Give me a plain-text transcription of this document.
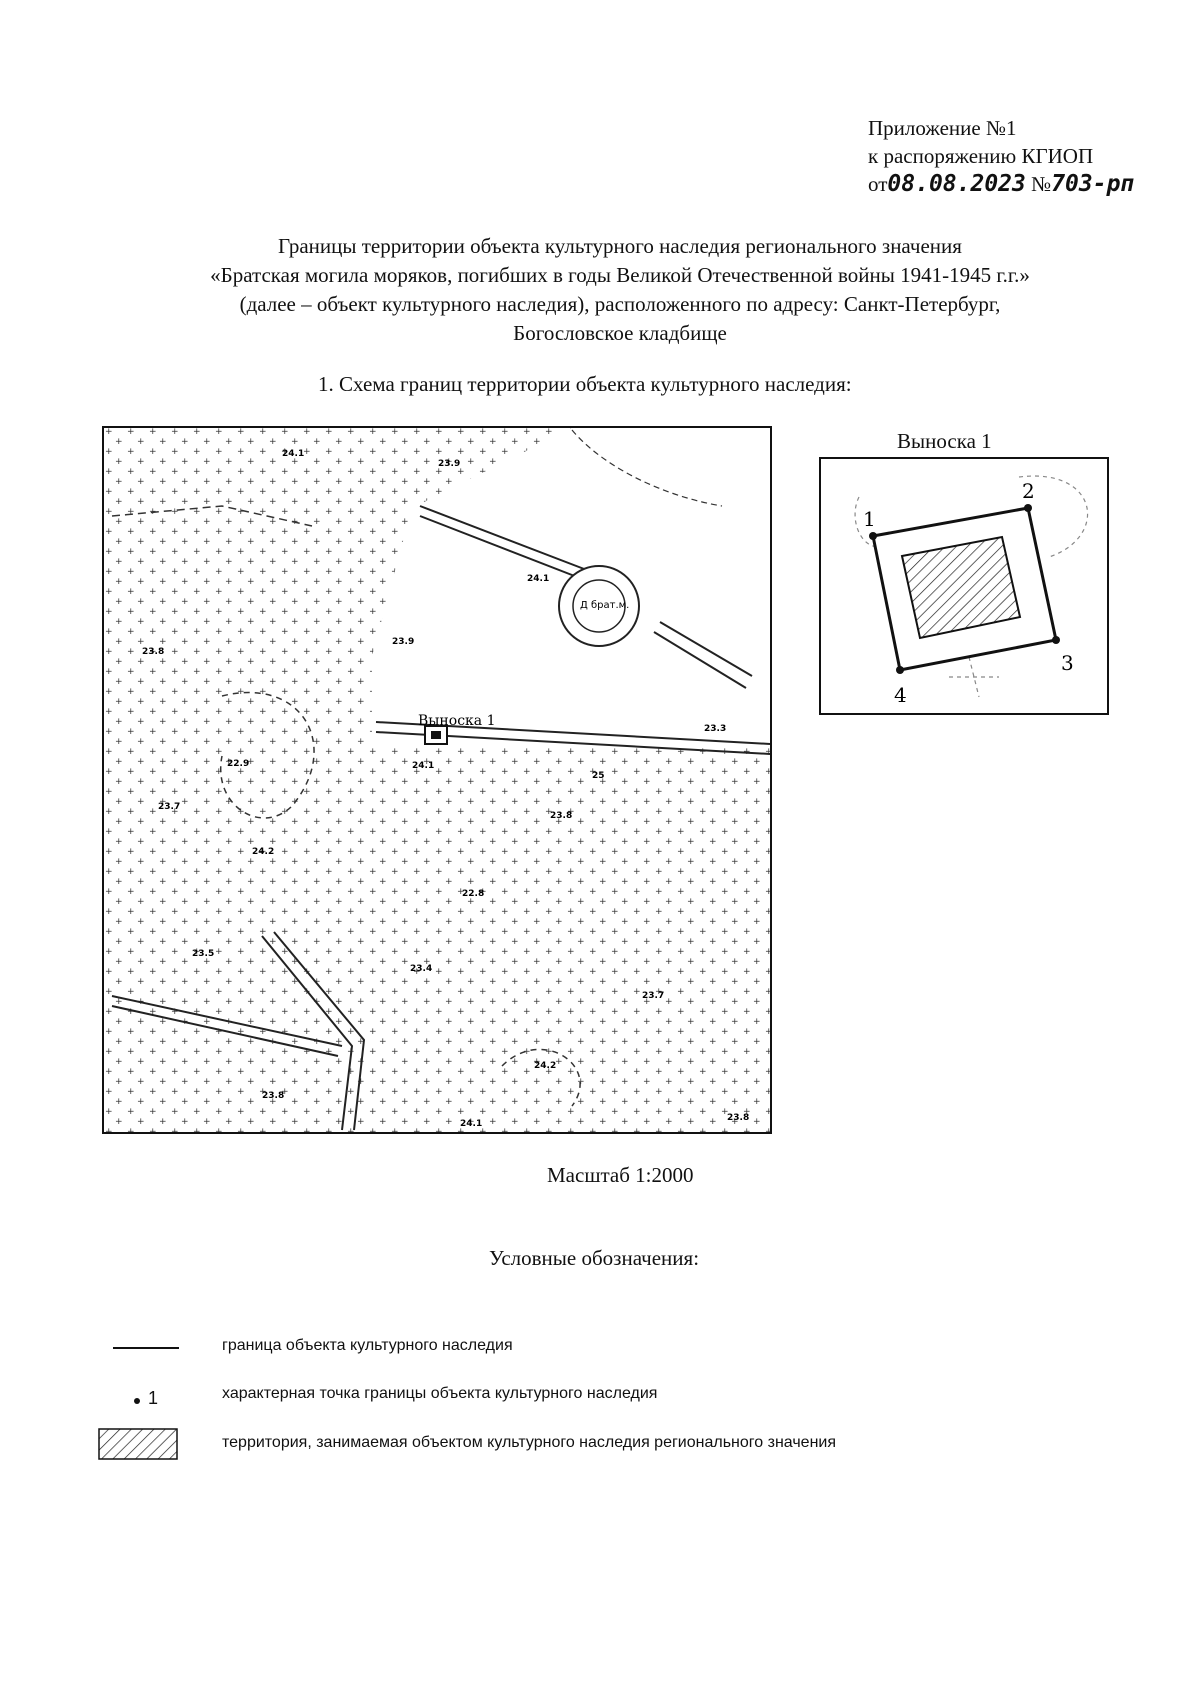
Приложение №1
к распоряжению КГИОП
от08.08.2023 №703-рп
Границы территории объекта культурного наследия регионального значения
«Братская могила моряков, погибших в годы Великой Отечественной войны 1941-1945 г.г.»
(далее – объект культурного наследия), расположенного по адресу: Санкт-Петербург,
Богословское кладбище
1. Схема границ территории объекта культурного наследия:
Д брат.м.
Выноска 1
24.1
23.9
24.1
23.9
23.3
23.7
22.9
24.2
23.8
22.8
23.4
23.7
24.2
23.8
24.1
23.8
24.1
23.8
25
23.5
Выноска 1
1
2
3
4
Масштаб 1:2000
Условные обозначения:
граница объекта культурного наследия
1	характерная точка границы объекта культурного наследия
территория, занимаемая объектом культурного наследия регионального значения
